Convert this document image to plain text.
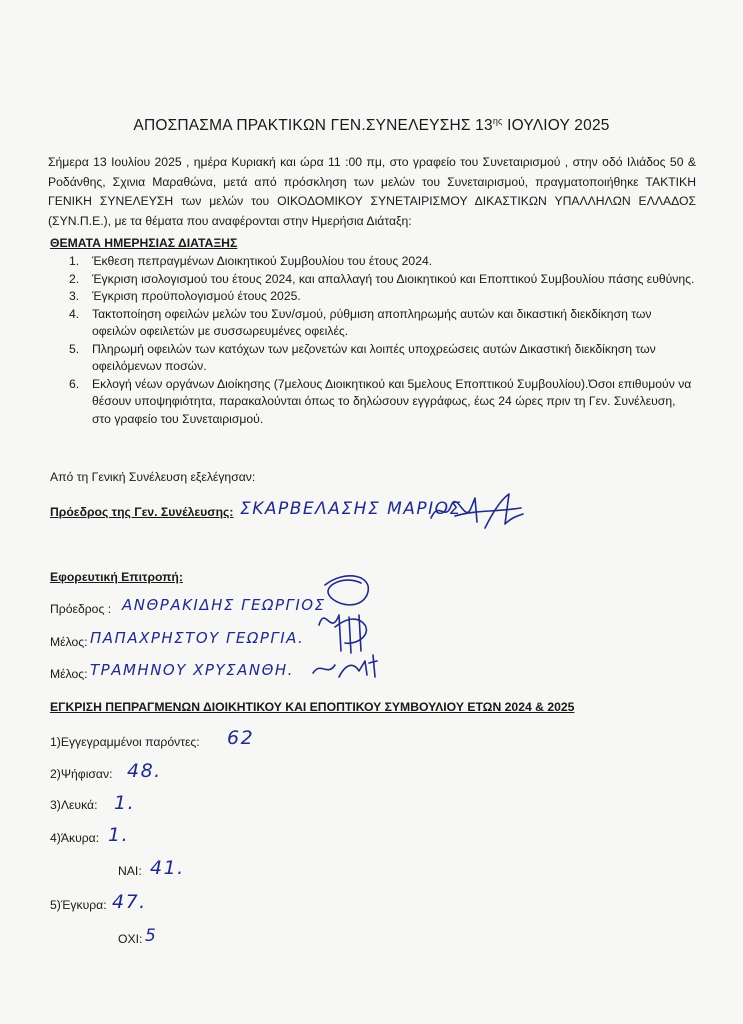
ΑΠΟΣΠΑΣΜΑ ΠΡΑΚΤΙΚΩΝ ΓΕΝ.ΣΥΝΕΛΕΥΣΗΣ $13^{\eta\varsigma}$ ΙΟΥΛΙΟΥ 2025

Σήμερα 13 Ιουλίου 2025 , ημέρα Κυριακή και ώρα 11 :00 πμ, στο γραφείο του Συνεταιρισμού , στην οδό Ιλιάδος 50 & Ροδάνθης, Σχινια Μαραθώνα, μετά από πρόσκληση των μελών του Συνεταιρισμού, πραγματοποιήθηκε ΤΑΚΤΙΚΗ ΓΕΝΙΚΗ ΣΥΝΕΛΕΥΣΗ των μελών του ΟΙΚΟΔΟΜΙΚΟΥ ΣΥΝΕΤΑΙΡΙΣΜΟΥ ΔΙΚΑΣΤΙΚΩΝ ΥΠΑΛΛΗΛΩΝ ΕΛΛΑΔΟΣ (ΣΥΝ.Π.Ε.), με τα θέματα που αναφέρονται στην Ημερήσια Διάταξη:

ΘΕΜΑΤΑ ΗΜΕΡΗΣΙΑΣ ΔΙΑΤΑΞΗΣ
1. Έκθεση πεπραγμένων Διοικητικού Συμβουλίου του έτους 2024.
2. Έγκριση ισολογισμού του έτους 2024, και απαλλαγή του Διοικητικού και Εποπτικού Συμβουλίου πάσης ευθύνης.
3. Έγκριση προϋπολογισμού έτους 2025.
4. Τακτοποίηση οφειλών μελών του Συν/σμού, ρύθμιση αποπληρωμής αυτών και δικαστική διεκδίκηση των οφειλών οφειλετών με συσσωρευμένες οφειλές.
5. Πληρωμή οφειλών των κατόχων των μεζονετών και λοιπές υποχρεώσεις αυτών Δικαστική διεκδίκηση των οφειλόμενων ποσών.
6. Εκλογή νέων οργάνων Διοίκησης (7μελους Διοικητικού και 5μελους Εποπτικού Συμβουλίου).Όσοι επιθυμούν να θέσουν υποψηφιότητα, παρακαλούνται όπως το δηλώσουν εγγράφως, έως 24 ώρες πριν τη Γεν. Συνέλευση, στο γραφείο του Συνεταιρισμού.
Από τη Γενική Συνέλευση εξελέγησαν:
Πρόεδρος της Γεν. Συνέλευσης: ΣΚΑΡΒΕΛΑΣΗΣ ΜΑΡΙΟΣ
Εφορευτική Επιτροπή:
Πρόεδρος : ΑΝΘΡΑΚΙΔΗΣ ΓΕΩΡΓΙΟΣ
Μέλος: ΠΑΠΑΧΡΗΣΤΟΥ ΓΕΩΡΓΙΑ.
Μέλος: ΤΡΑΜΗΝΟΥ ΧΡΥΣΑΝΘΗ.
ΕΓΚΡΙΣΗ ΠΕΠΡΑΓΜΕΝΩΝ ΔΙΟΙΚΗΤΙΚΟΥ ΚΑΙ ΕΠΟΠΤΙΚΟΥ ΣΥΜΒΟΥΛΙΟΥ ΕΤΩΝ 2024 & 2025
1)Εγγεγραμμένοι παρόντες: 62
2)Ψήφισαν: 48.
3)Λευκά: 1.
4)Άκυρα: 1.
ΝΑΙ: 41.
5)Έγκυρα: 47.
ΟΧΙ: 5
